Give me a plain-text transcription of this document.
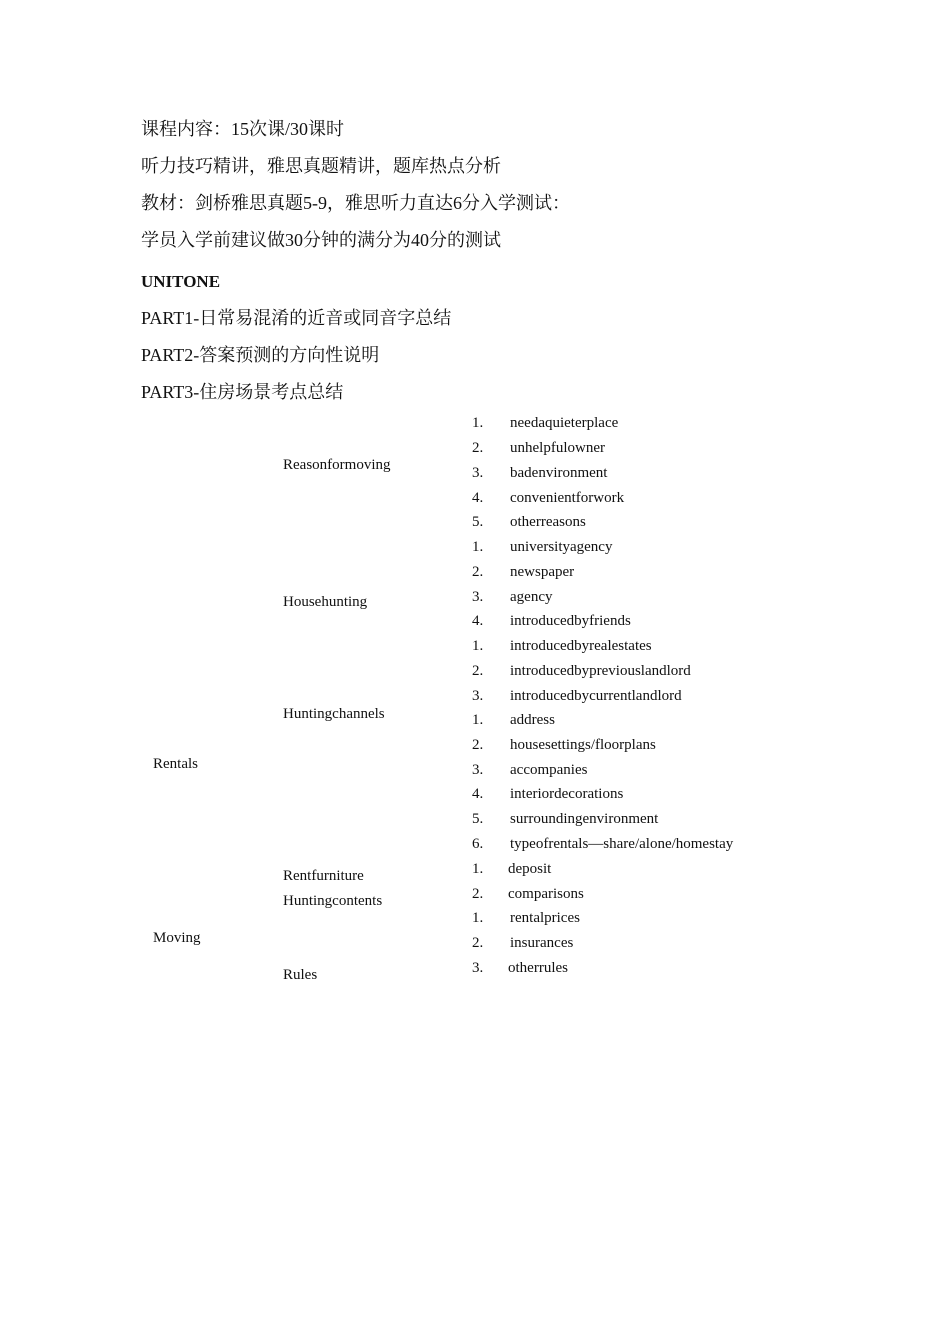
课程内容：15次课/30课时
听力技巧精讲，雅思真题精讲，题库热点分析
教材：剑桥雅思真题5-9，雅思听力直达6分入学测试：
学员入学前建议做30分钟的满分为40分的测试
UNITONE
PART1-日常易混淆的近音或同音字总结
PART2-答案预测的方向性说明
PART3-住房场景考点总结
Rentals
Moving
Reasonformoving
Househunting
Huntingchannels
Rentfurniture
Huntingcontents
Rules
1. needaquieterplace
2. unhelpfulowner
3. badenvironment
4. convenientforwork
5. otherreasons
1. universityagency
2. newspaper
3. agency
4. introducedbyfriends
1. introducedbyrealestates
2. introducedbypreviouslandlord
3. introducedbycurrentlandlord
1. address
2. housesettings/floorplans
3. accompanies
4. interiordecorations
5. surroundingenvironment
6. typeofrentals—share/alone/homestay
1. deposit
2. comparisons
1. rentalprices
2. insurances
3. otherrules
